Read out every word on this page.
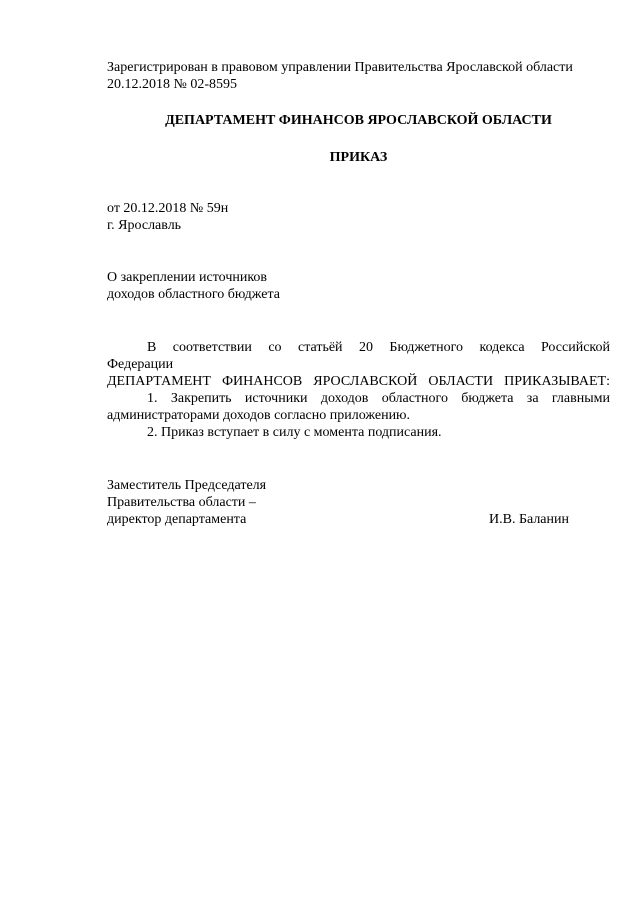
Зарегистрирован в правовом управлении Правительства Ярославской области

20.12.2018 № 02-8595

ДЕПАРТАМЕНТ ФИНАНСОВ ЯРОСЛАВСКОЙ ОБЛАСТИ
ПРИКАЗ

от 20.12.2018 № 59н

г. Ярославль

О закреплении источников

доходов областного бюджета

В соответствии со статьёй 20 Бюджетного кодекса Российской

Федерации

ДЕПАРТАМЕНТ ФИНАНСОВ ЯРОСЛАВСКОЙ ОБЛАСТИ ПРИКАЗЫВАЕТ:

1. Закрепить источники доходов областного бюджета за главными

администраторами доходов согласно приложению.

2. Приказ вступает в силу с момента подписания.

Заместитель Председателя
Правительства области –
директор департамента	И.В. Баланин
